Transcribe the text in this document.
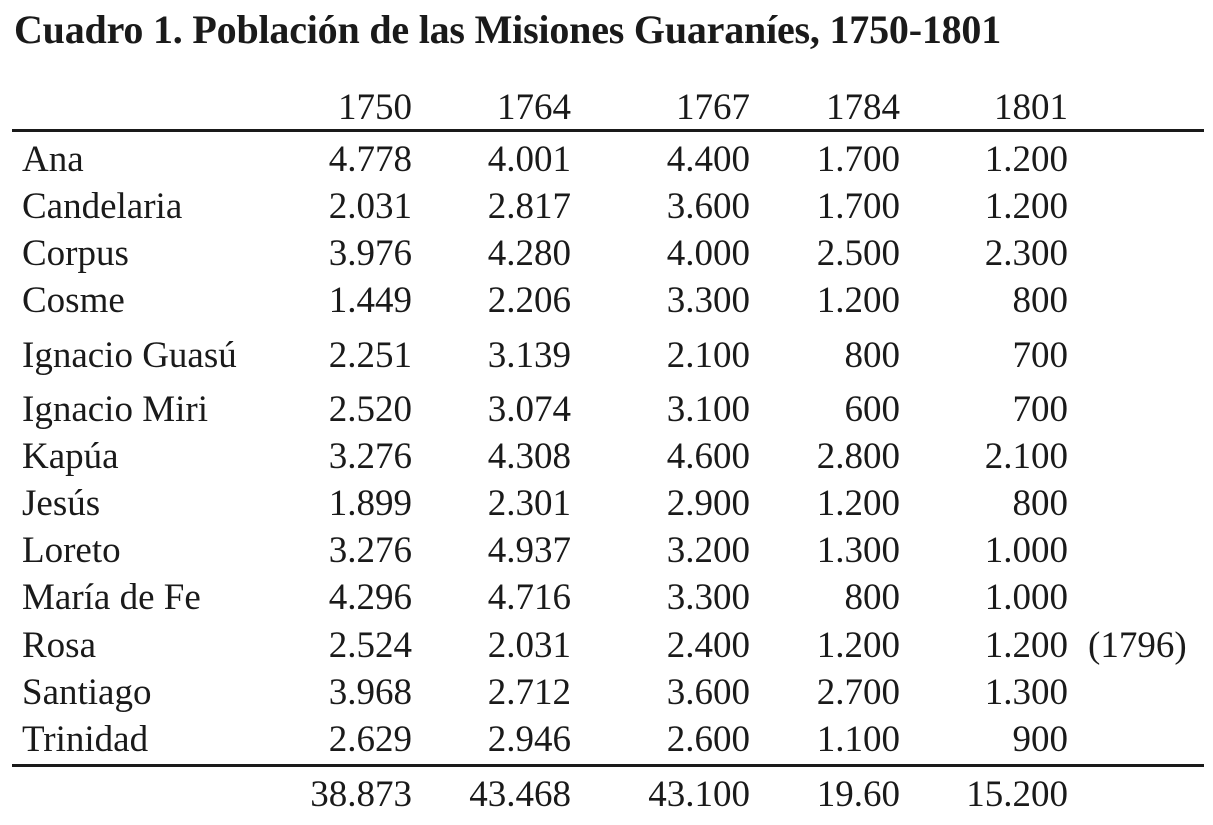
Cuadro 1. Población de las Misiones Guaraníes, 1750-1801
1750 1764	1767 1784	1801
Ana	4.778 4.001	4.400 1.700 1.200
Candelaria	2.031 2.817	3.600 1.700 1.200
Corpus	3.976 4.280	4.000 2.500 2.300
Cosme	1.449 2.206	3.300 1.200	800
Ignacio Guasú 2.251 3.139	2.100	800	700
Ignacio Miri	2.520 3.074	3.100	600	700
Kapúa	3.276 4.308	4.600 2.800 2.100
Jesús	1.899 2.301	2.900 1.200	800
Loreto	3.276 4.937	3.200 1.300 1.000
María de Fe	4.296 4.716	3.300	800 1.000
Rosa	2.524 2.031	2.400 1.200 1.200 (1796)
Santiago	3.968 2.712	3.600 2.700 1.300
Trinidad	2.629 2.946	2.600 1.100	900
38.873 43.468 43.100 19.60 15.200
